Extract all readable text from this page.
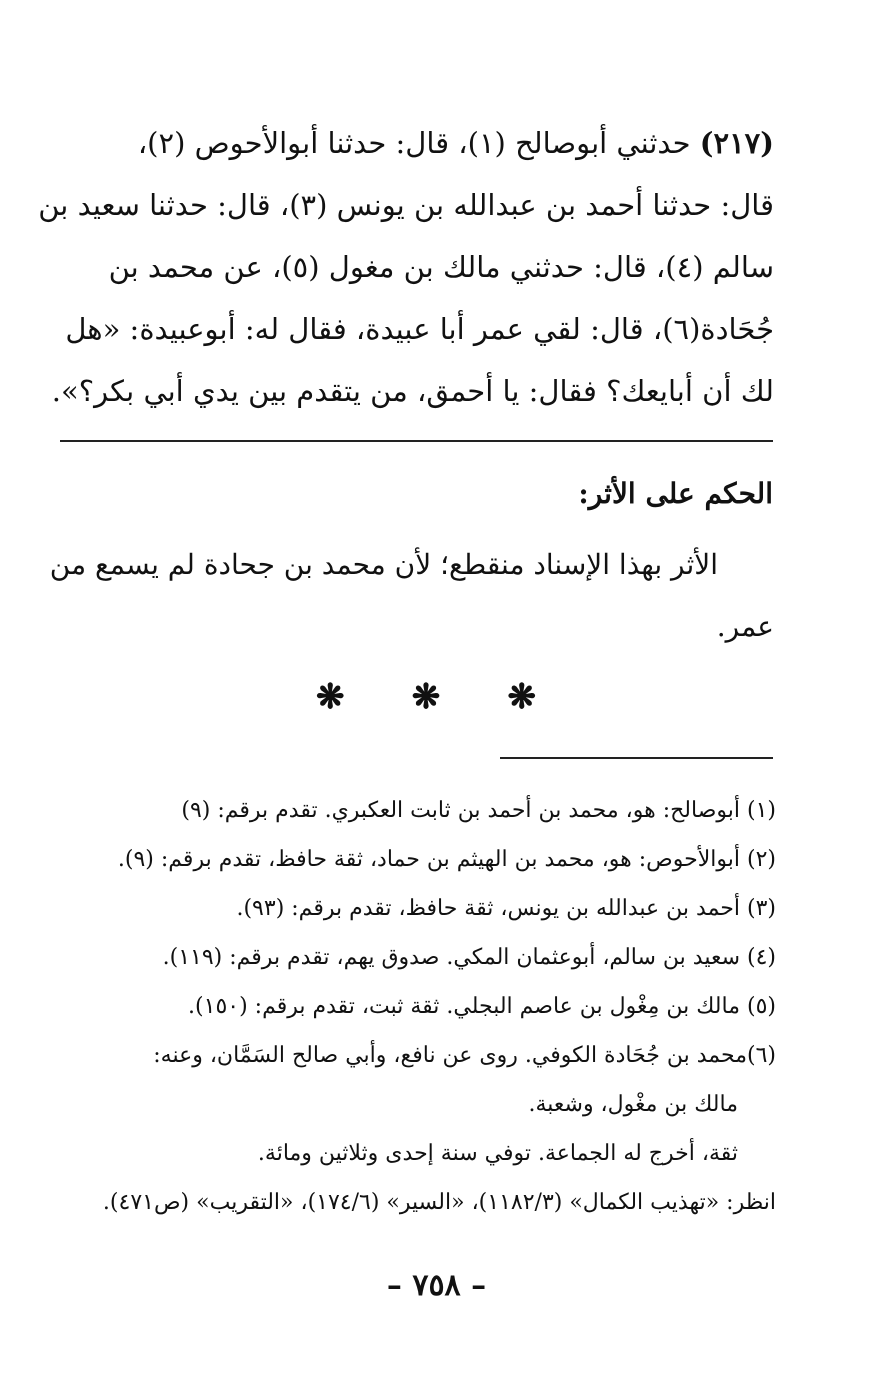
(٢١٧) حدثني أبوصالح (١)، قال: حدثنا أبوالأحوص (٢)،
قال: حدثنا أحمد بن عبدالله بن يونس (٣)، قال: حدثنا سعيد بن
سالم (٤)، قال: حدثني مالك بن مغول (٥)، عن محمد بن
جُحَادة(٦)، قال: لقي عمر أبا عبيدة، فقال له: أبوعبيدة: «هل
لك أن أبايعك؟ فقال: يا أحمق، من يتقدم بين يدي أبي بكر؟».
الحكم على الأثر:
الأثر بهذا الإسناد منقطع؛ لأن محمد بن جحادة لم يسمع من
عمر.
❋
❋
❋
(١) أبوصالح: هو، محمد بن أحمد بن ثابت العكبري. تقدم برقم: (٩)
(٢) أبوالأحوص: هو، محمد بن الهيثم بن حماد، ثقة حافظ، تقدم برقم: (٩).
(٣) أحمد بن عبدالله بن يونس، ثقة حافظ، تقدم برقم: (٩٣).
(٤) سعيد بن سالم، أبوعثمان المكي. صدوق يهم، تقدم برقم: (١١٩).
(٥) مالك بن مِغْول بن عاصم البجلي. ثقة ثبت، تقدم برقم: (١٥٠).
(٦)محمد بن جُحَادة الكوفي. روى عن نافع، وأبي صالح السَمَّان، وعنه:
مالك بن مغْول، وشعبة.
ثقة، أخرج له الجماعة. توفي سنة إحدى وثلاثين ومائة.
انظر: «تهذيب الكمال» (١١٨٢/٣)، «السير» (١٧٤/٦)، «التقريب» (ص٤٧١).
– ٧٥٨ –
